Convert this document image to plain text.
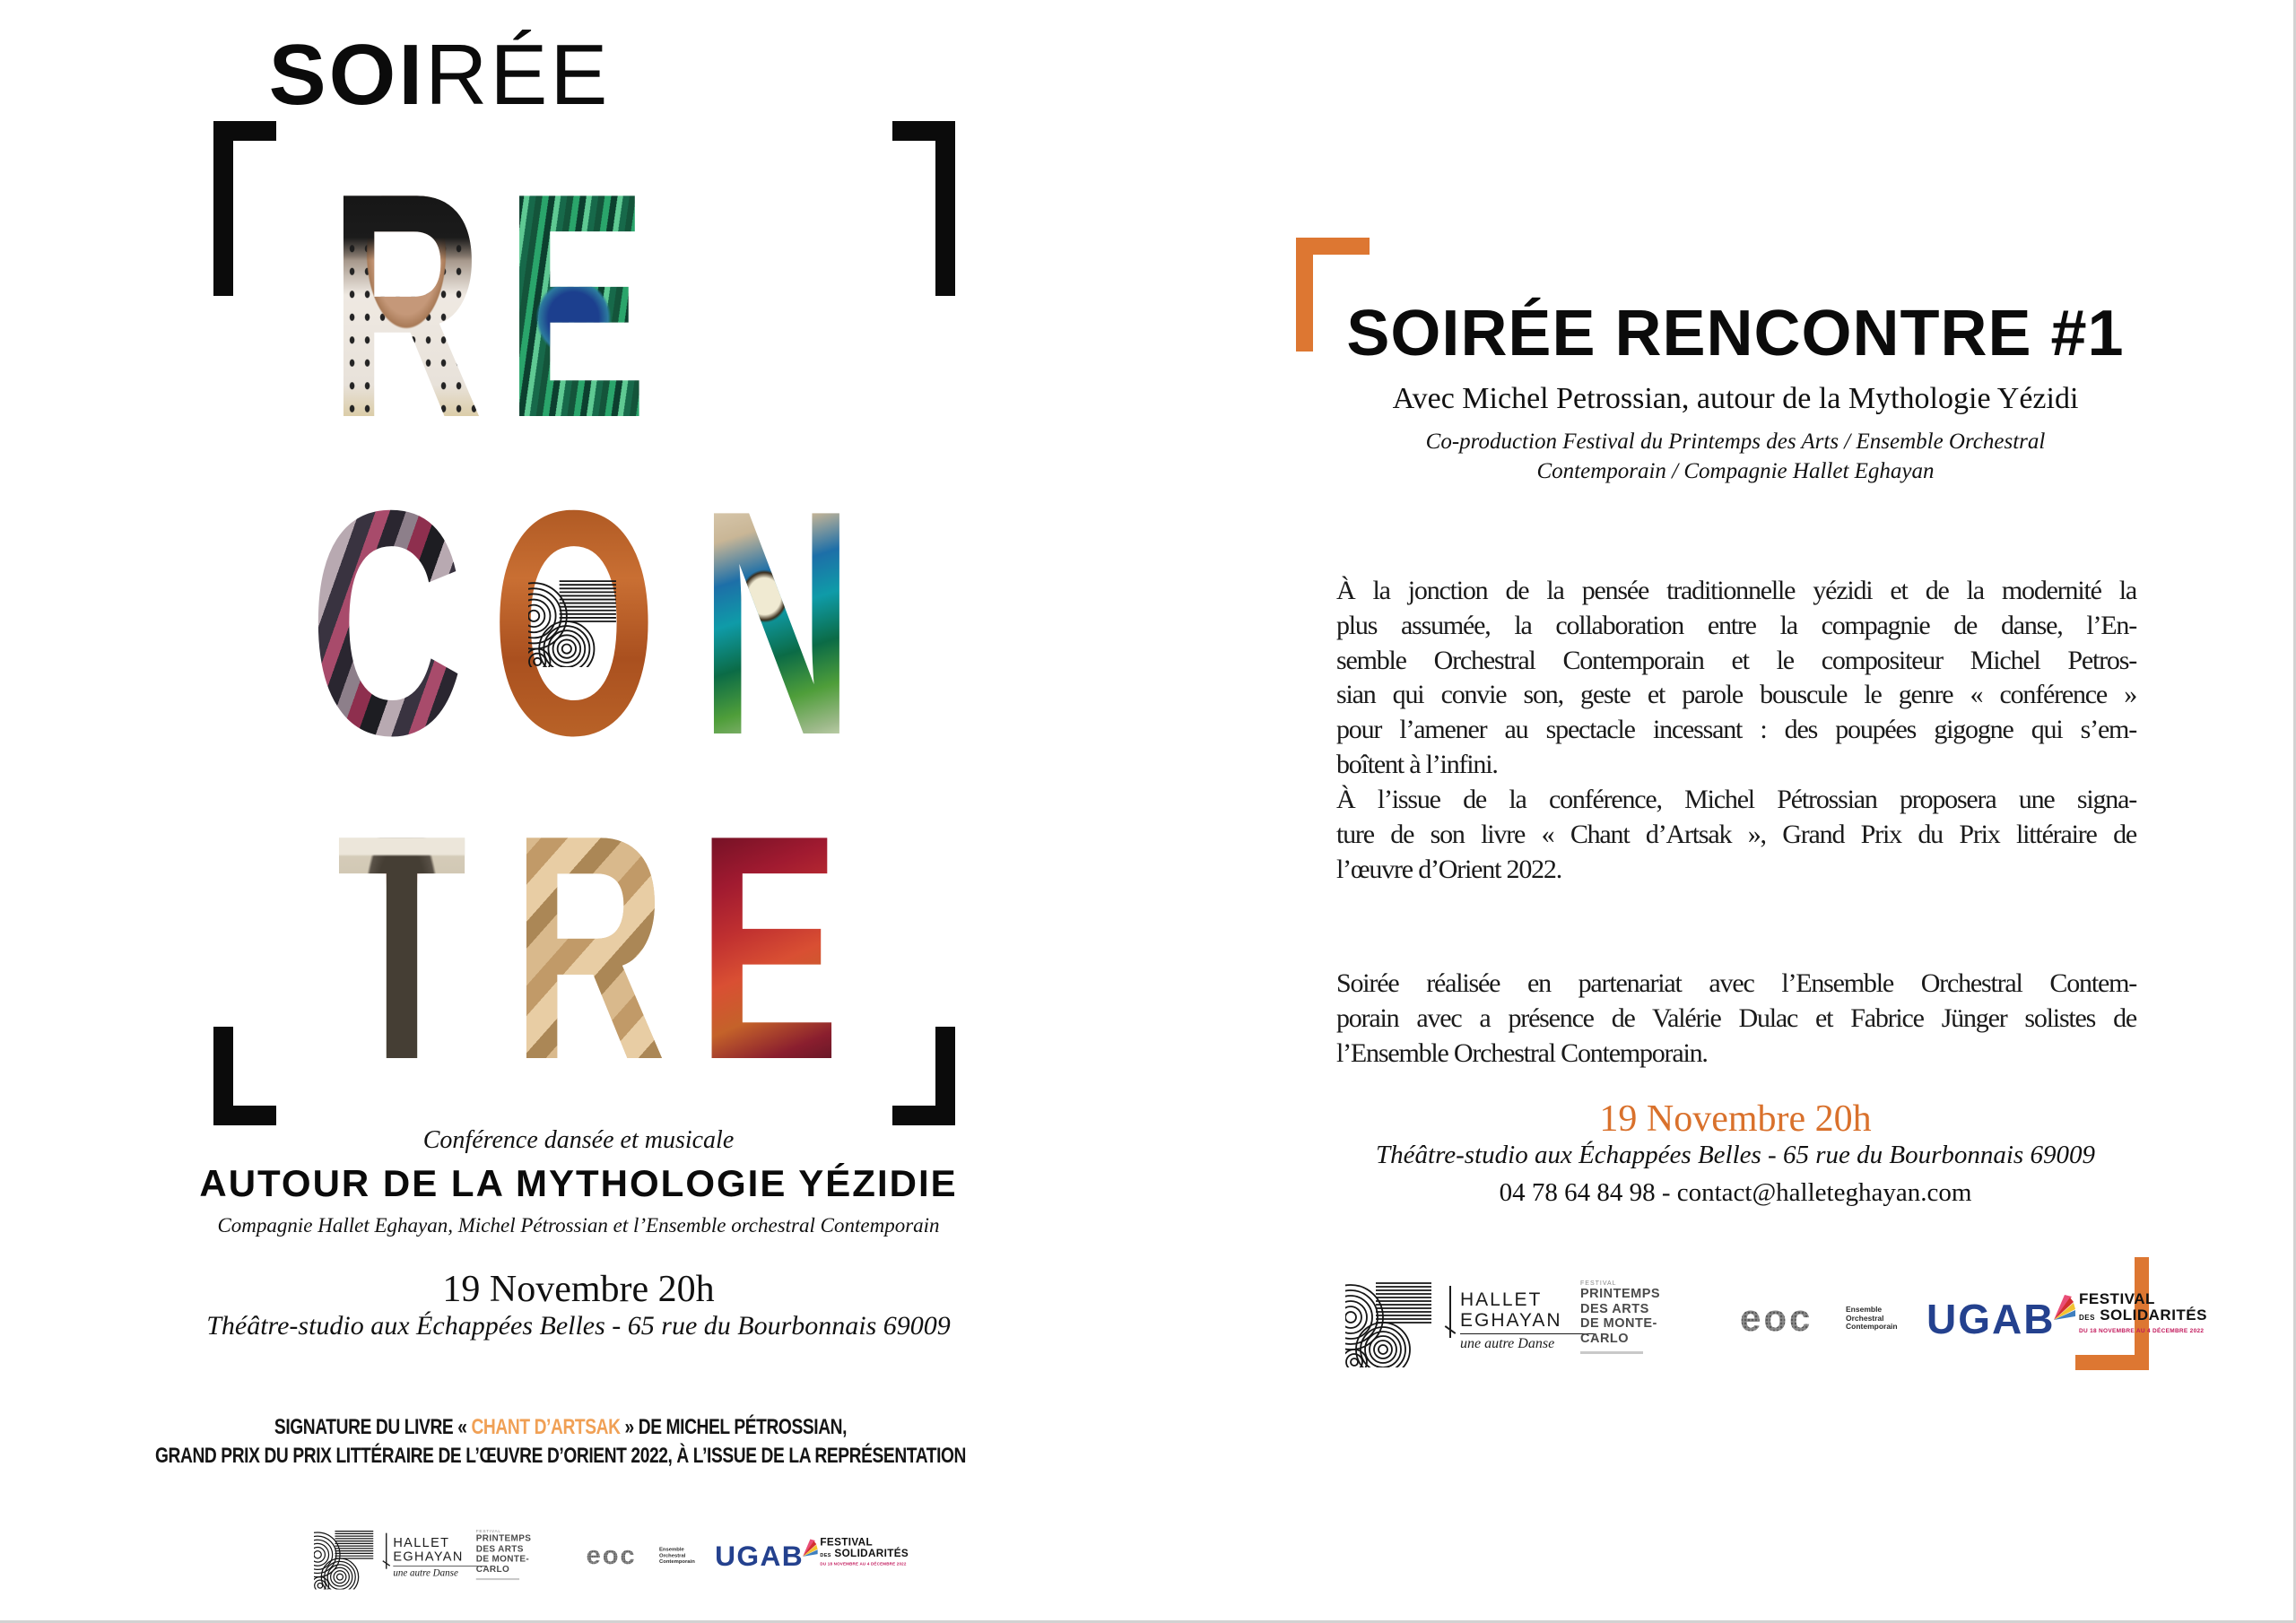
SOIRÉE
R E N
C O N
T R E
Conférence dansée et musicale
AUTOUR DE LA MYTHOLOGIE YÉZIDIE
Compagnie Hallet Eghayan, Michel Pétrossian et l’Ensemble orchestral Contemporain
19 Novembre 20h
Théâtre-studio aux Échappées Belles - 65 rue du Bourbonnais 69009
SIGNATURE DU LIVRE « CHANT D’ARTSAK » DE MICHEL PÉTROSSIAN,
GRAND PRIX DU PRIX LITTÉRAIRE DE L’ŒUVRE D’ORIENT 2022, À L’ISSUE DE LA REPRÉSENTATION
HALLET
EGHAYAN
une autre Danse
FESTIVAL
PRINTEMPS
DES ARTS
DE MONTE-
CARLO	eoc	Ensemble
Orchestral
Contemporain UGAB FESTIVAL
DES SOLIDARITÉS
DU 18 NOVEMBRE AU 4 DÉCEMBRE 2022
SOIRÉE RENCONTRE #1
Avec Michel Petrossian, autour de la Mythologie Yézidi
Co-production Festival du Printemps des Arts / Ensemble Orchestral
Contemporain / Compagnie Hallet Eghayan
À la jonction de la pensée traditionnelle yézidi et de la modernité la
plus assumée, la collaboration entre la compagnie de danse, l’En-
semble Orchestral Contemporain et le compositeur Michel Petros-
sian qui convie son, geste et parole bouscule le genre « conférence »
pour l’amener au spectacle incessant : des poupées gigogne qui s’em-
boîtent à l’infini.
À l’issue de la conférence, Michel Pétrossian proposera une signa-
ture de son livre « Chant d’Artsak », Grand Prix du Prix littéraire de
l’œuvre d’Orient 2022.
Soirée réalisée en partenariat avec l’Ensemble Orchestral Contem-
porain avec a présence de Valérie Dulac et Fabrice Jünger solistes de
l’Ensemble Orchestral Contemporain.
19 Novembre 20h
Théâtre-studio aux Échappées Belles - 65 rue du Bourbonnais 69009
04 78 64 84 98 - contact@halleteghayan.com
HALLET
EGHAYAN
une autre Danse
FESTIVAL
PRINTEMPS
DES ARTS
DE MONTE-
CARLO	eoc	Ensemble
Orchestral
Contemporain UGAB FESTIVAL
DES SOLIDARITÉS
DU 18 NOVEMBRE AU 4 DÉCEMBRE 2022
